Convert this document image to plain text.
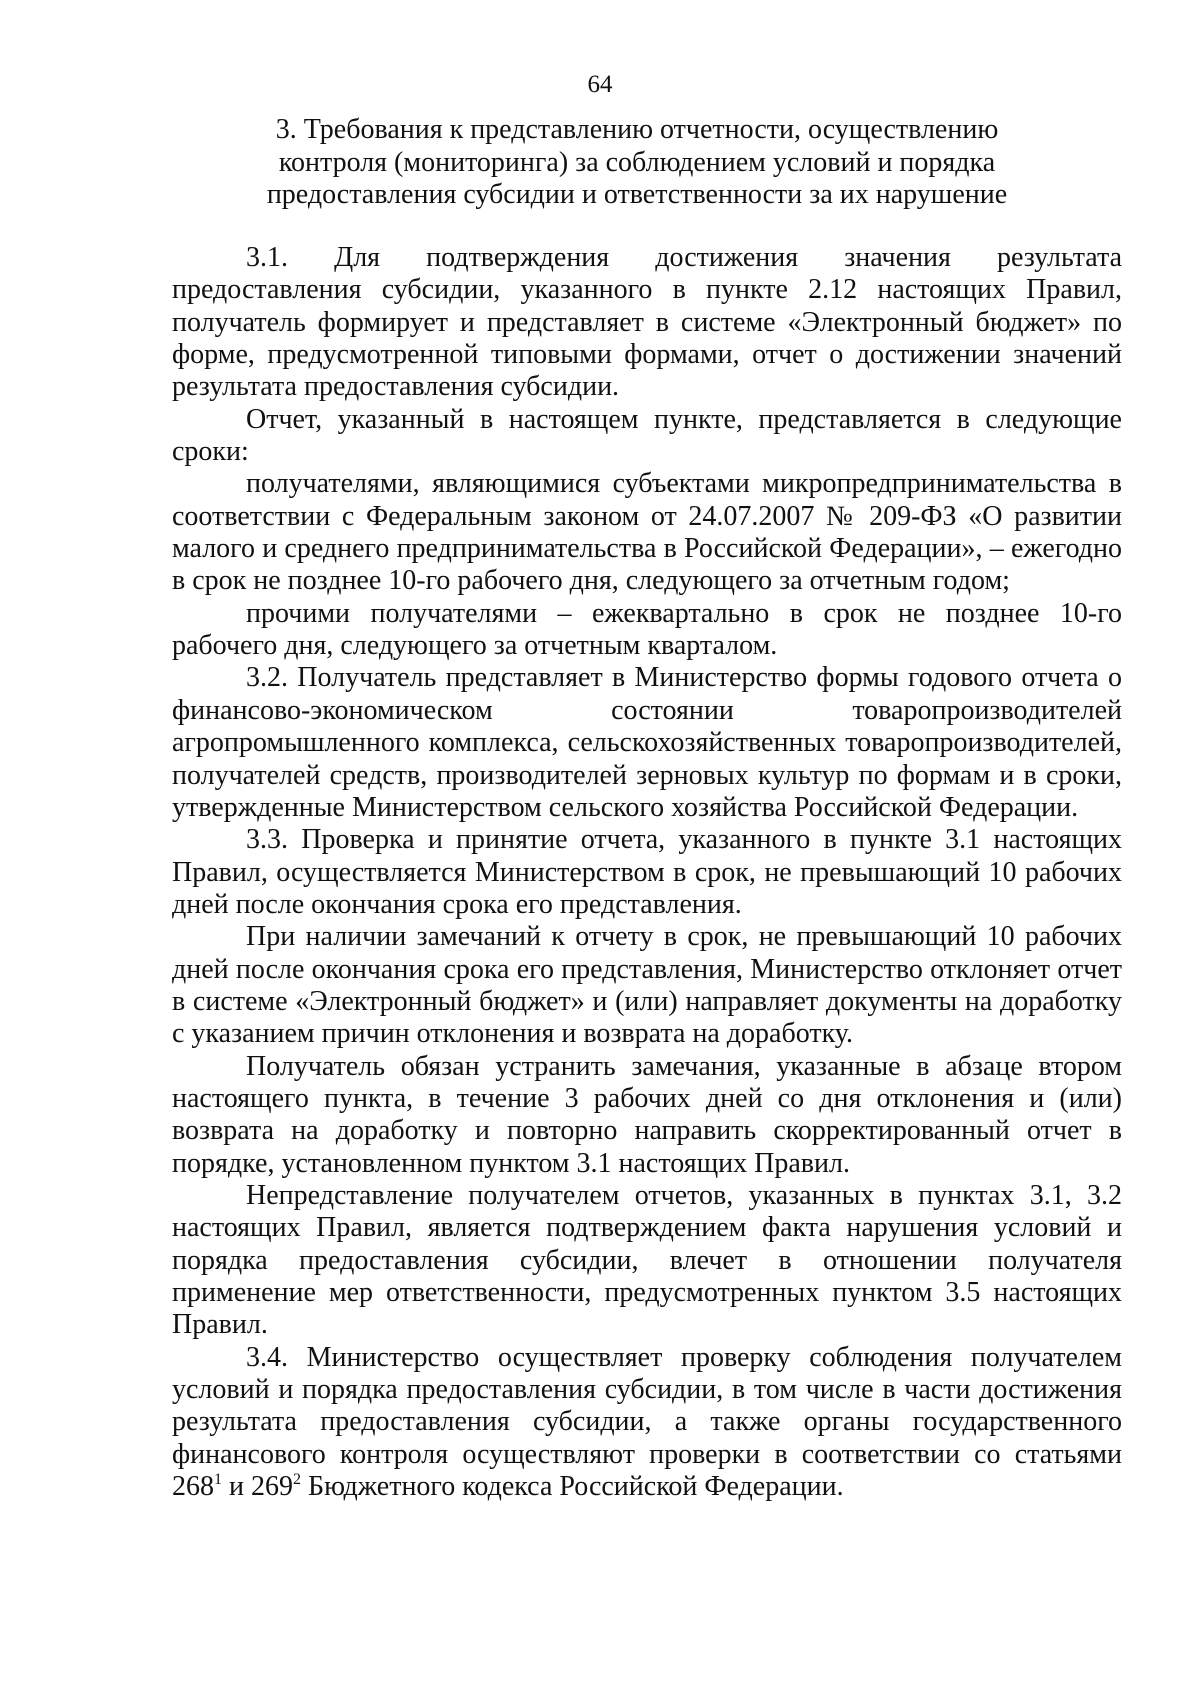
64
3. Требования к представлению отчетности, осуществлению
контроля (мониторинга) за соблюдением условий и порядка
предоставления субсидии и ответственности за их нарушение

3.1. Для подтверждения достижения значения результата предоставления субсидии, указанного в пункте 2.12 настоящих Правил, получатель формирует и представляет в системе «Электронный бюджет» по форме, предусмотренной типовыми формами, отчет о достижении значений результата предоставления субсидии.

Отчет, указанный в настоящем пункте, представляется в следующие сроки:

получателями, являющимися субъектами микропредпринимательства в соответствии с Федеральным законом от 24.07.2007 № 209-ФЗ «О развитии малого и среднего предпринимательства в Российской Федерации», – ежегодно в срок не позднее 10-го рабочего дня, следующего за отчетным годом;

прочими получателями – ежеквартально в срок не позднее 10-го рабочего дня, следующего за отчетным кварталом.

3.2. Получатель представляет в Министерство формы годового отчета о финансово-экономическом состоянии товаропроизводителей агропромышленного комплекса, сельскохозяйственных товаропроизводителей, получателей средств, производителей зерновых культур по формам и в сроки, утвержденные Министерством сельского хозяйства Российской Федерации.

3.3. Проверка и принятие отчета, указанного в пункте 3.1 настоящих Правил, осуществляется Министерством в срок, не превышающий 10 рабочих дней после окончания срока его представления.

При наличии замечаний к отчету в срок, не превышающий 10 рабочих дней после окончания срока его представления, Министерство отклоняет отчет в системе «Электронный бюджет» и (или) направляет документы на доработку с указанием причин отклонения и возврата на доработку.

Получатель обязан устранить замечания, указанные в абзаце втором настоящего пункта, в течение 3 рабочих дней со дня отклонения и (или) возврата на доработку и повторно направить скорректированный отчет в порядке, установленном пунктом 3.1 настоящих Правил.

Непредставление получателем отчетов, указанных в пунктах 3.1, 3.2 настоящих Правил, является подтверждением факта нарушения условий и порядка предоставления субсидии, влечет в отношении получателя применение мер ответственности, предусмотренных пунктом 3.5 настоящих Правил.

3.4. Министерство осуществляет проверку соблюдения получателем условий и порядка предоставления субсидии, в том числе в части достижения результата предоставления субсидии, а также органы государственного финансового контроля осуществляют проверки в соответствии со статьями $268^1$ и $269^2$ Бюджетного кодекса Российской Федерации.
